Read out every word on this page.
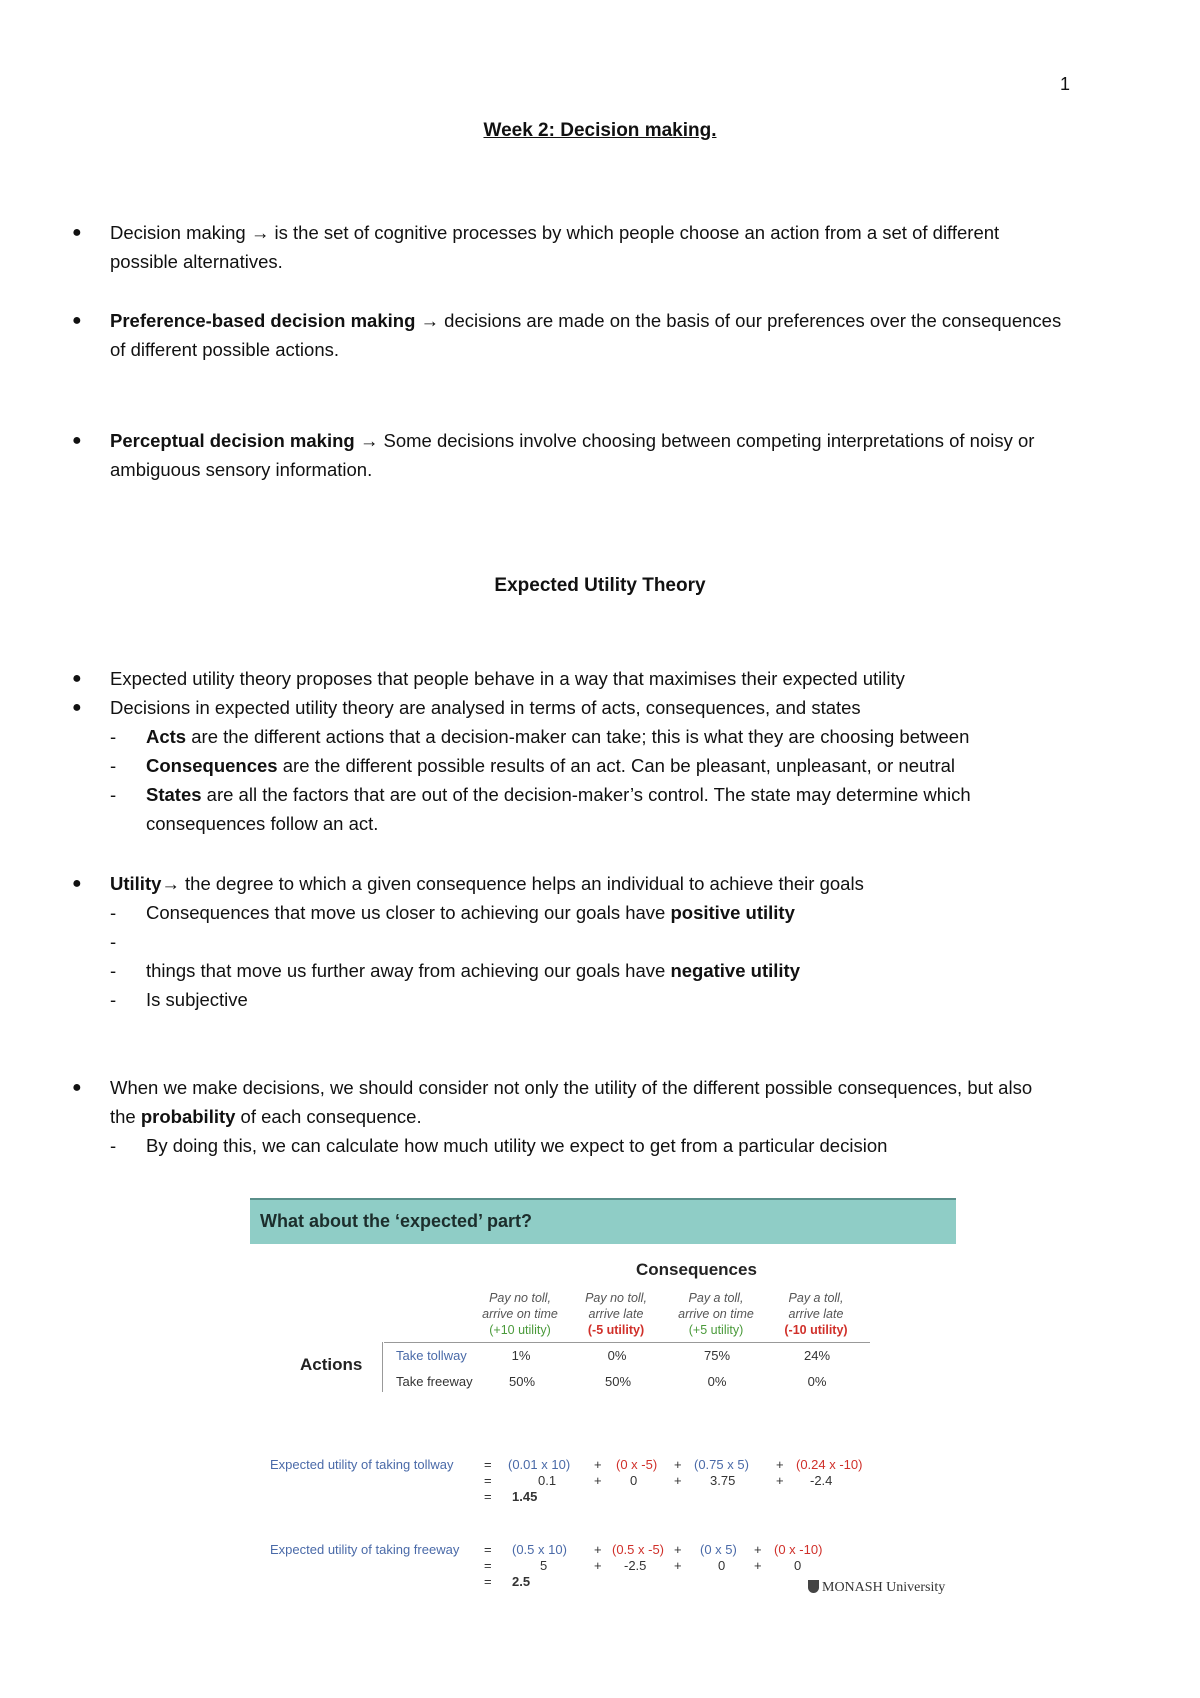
1
Week 2: Decision making.
● Decision making → is the set of cognitive processes by which people choose an action from a set of different
possible alternatives.
● Preference-based decision making → decisions are made on the basis of our preferences over the consequences
of different possible actions.
● Perceptual decision making → Some decisions involve choosing between competing interpretations of noisy or
ambiguous sensory information.
Expected Utility Theory
● Expected utility theory proposes that people behave in a way that maximises their expected utility
● Decisions in expected utility theory are analysed in terms of acts, consequences, and states
- Acts are the different actions that a decision-maker can take; this is what they are choosing between
- Consequences are the different possible results of an act. Can be pleasant, unpleasant, or neutral
- States are all the factors that are out of the decision-maker’s control. The state may determine which
consequences follow an act.
● Utility→ the degree to which a given consequence helps an individual to achieve their goals
- Consequences that move us closer to achieving our goals have positive utility
-
- things that move us further away from achieving our goals have negative utility
- Is subjective
● When we make decisions, we should consider not only the utility of the different possible consequences, but also
the probability of each consequence.
- By doing this, we can calculate how much utility we expect to get from a particular decision
What about the ‘expected’ part?
Consequences
Actions
Pay no toll,
arrive on time
(+10 utility)
Pay no toll,
arrive late
(-5 utility)
Pay a toll,
arrive on time
(+5 utility)
Pay a toll,
arrive late
(-10 utility)
Take tollway	1%	0%	75%	24%
Take freeway	50%	50%	0%	0%
Expected utility of taking tollway = (0.01 x 10) + (0 x -5) + (0.75 x 5) + (0.24 x -10)
=	0.1	+ 0	+ 3.75	+ -2.4
= 1.45
Expected utility of taking freeway = (0.5 x 10) + (0.5 x -5) + (0 x 5) + (0 x -10)
=	5	+ -2.5 +	0 + 0
= 2.5	MONASH University
